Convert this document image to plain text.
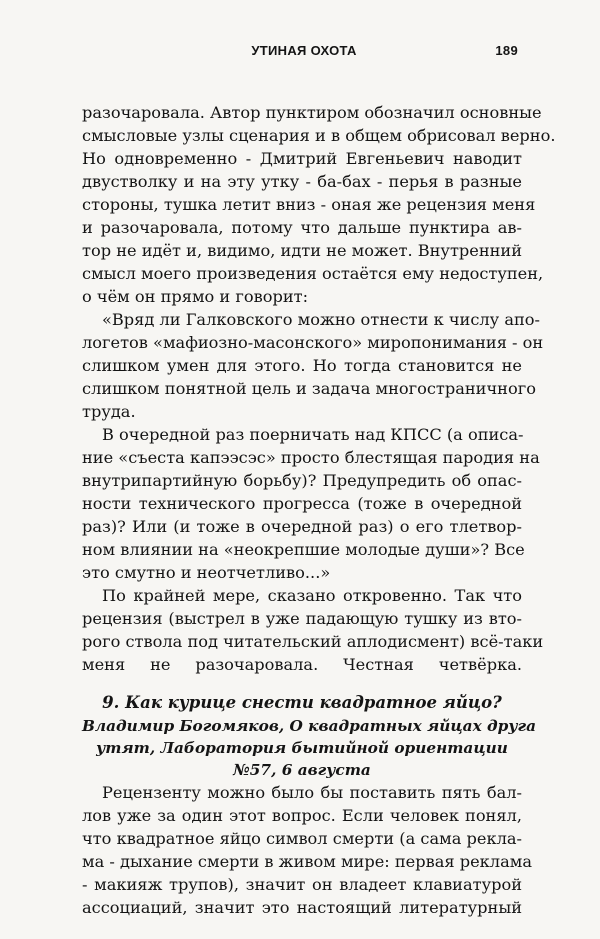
УТИНАЯ ОХОТА	189
разочаровала. Автор пунктиром обозначил основные
смысловые узлы сценария и в общем обрисовал верно.
Но одновременно - Дмитрий Евгеньевич наводит
двустволку и на эту утку - ба-бах - перья в разные
стороны, тушка летит вниз - оная же рецензия меня
и разочаровала, потому что дальше пунктира ав-
тор не идёт и, видимо, идти не может. Внутренний
смысл моего произведения остаётся ему недоступен,
о чём он прямо и говорит:
«Вряд ли Галковского можно отнести к числу апо-
логетов «мафиозно-масонского» миропонимания - он
слишком умен для этого. Но тогда становится не
слишком понятной цель и задача многостраничного
труда.
В очередной раз поерничать над КПСС (а описа-
ние «съеста капээсэс» просто блестящая пародия на
внутрипартийную борьбу)? Предупредить об опас-
ности технического прогресса (тоже в очередной
раз)? Или (и тоже в очередной раз) о его тлетвор-
ном влиянии на «неокрепшие молодые души»? Все
это смутно и неотчетливо...»
По крайней мере, сказано откровенно. Так что
рецензия (выстрел в уже падающую тушку из вто-
рого ствола под читательский аплодисмент) всё-таки
меня не разочаровала. Честная четвёрка.
9. Как курице снести квадратное яйцо?
Владимир Богомяков, О квадратных яйцах друга
утят, Лаборатория бытийной ориентации
№57, 6 августа
Рецензенту можно было бы поставить пять бал-
лов уже за один этот вопрос. Если человек понял,
что квадратное яйцо символ смерти (а сама рекла-
ма - дыхание смерти в живом мире: первая реклама
- макияж трупов), значит он владеет клавиатурой
ассоциаций, значит это настоящий литературный
